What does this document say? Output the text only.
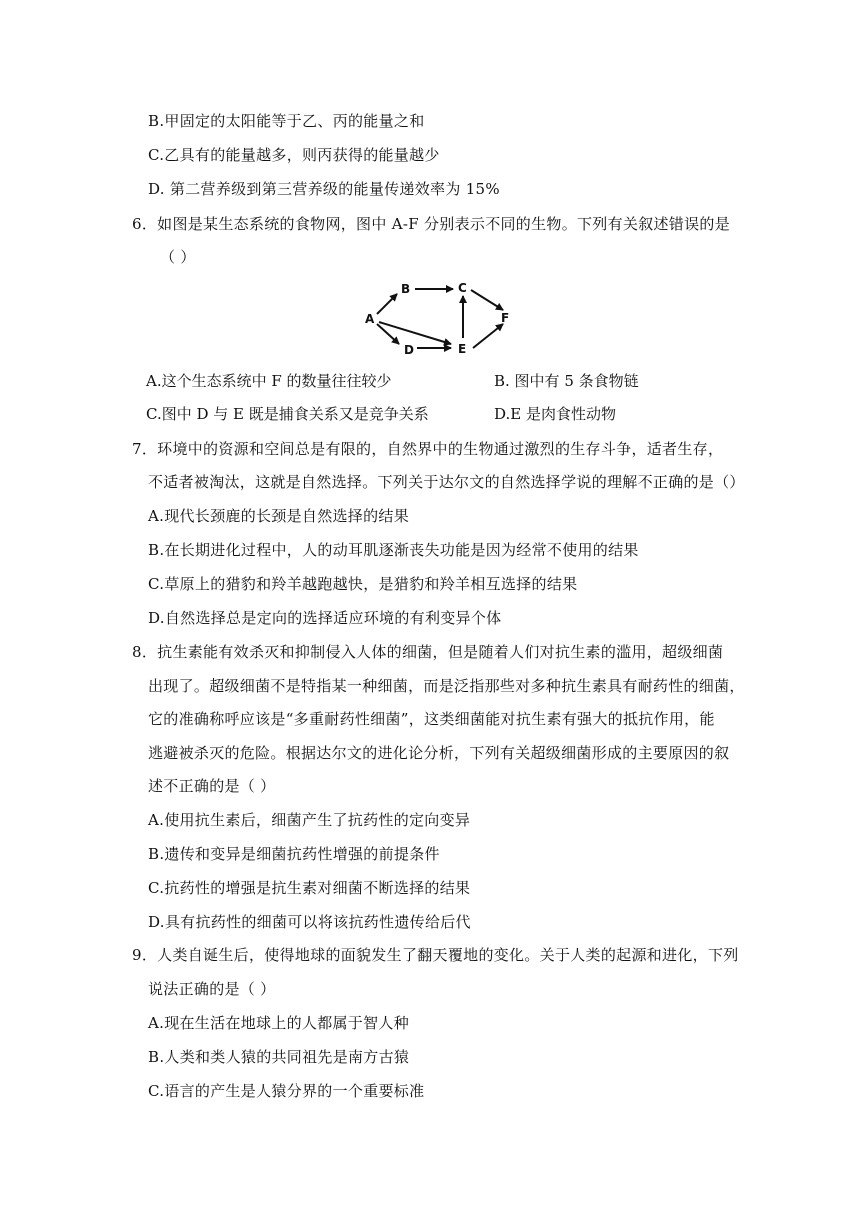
B.甲固定的太阳能等于乙、丙的能量之和
C.乙具有的能量越多，则丙获得的能量越少
D. 第二营养级到第三营养级的能量传递效率为 15%
6．如图是某生态系统的食物网，图中 A-F 分别表示不同的生物。下列有关叙述错误的是
（ ）
A
B	C
D	E
F
A.这个生态系统中 F 的数量往往较少	B. 图中有 5 条食物链
C.图中 D 与 E 既是捕食关系又是竞争关系	D.E 是肉食性动物
7．环境中的资源和空间总是有限的，自然界中的生物通过激烈的生存斗争，适者生存，
不适者被淘汰，这就是自然选择。下列关于达尔文的自然选择学说的理解不正确的是（）
A.现代长颈鹿的长颈是自然选择的结果
B.在长期进化过程中，人的动耳肌逐渐丧失功能是因为经常不使用的结果
C.草原上的猎豹和羚羊越跑越快，是猎豹和羚羊相互选择的结果
D.自然选择总是定向的选择适应环境的有利变异个体
8．抗生素能有效杀灭和抑制侵入人体的细菌，但是随着人们对抗生素的滥用，超级细菌
出现了。超级细菌不是特指某一种细菌，而是泛指那些对多种抗生素具有耐药性的细菌，
它的准确称呼应该是“多重耐药性细菌”，这类细菌能对抗生素有强大的抵抗作用，能
逃避被杀灭的危险。根据达尔文的进化论分析，下列有关超级细菌形成的主要原因的叙
述不正确的是（ ）
A.使用抗生素后，细菌产生了抗药性的定向变异
B.遗传和变异是细菌抗药性增强的前提条件
C.抗药性的增强是抗生素对细菌不断选择的结果
D.具有抗药性的细菌可以将该抗药性遗传给后代
9．人类自诞生后，使得地球的面貌发生了翻天覆地的变化。关于人类的起源和进化，下列
说法正确的是（ ）
A.现在生活在地球上的人都属于智人种
B.人类和类人猿的共同祖先是南方古猿
C.语言的产生是人猿分界的一个重要标准
